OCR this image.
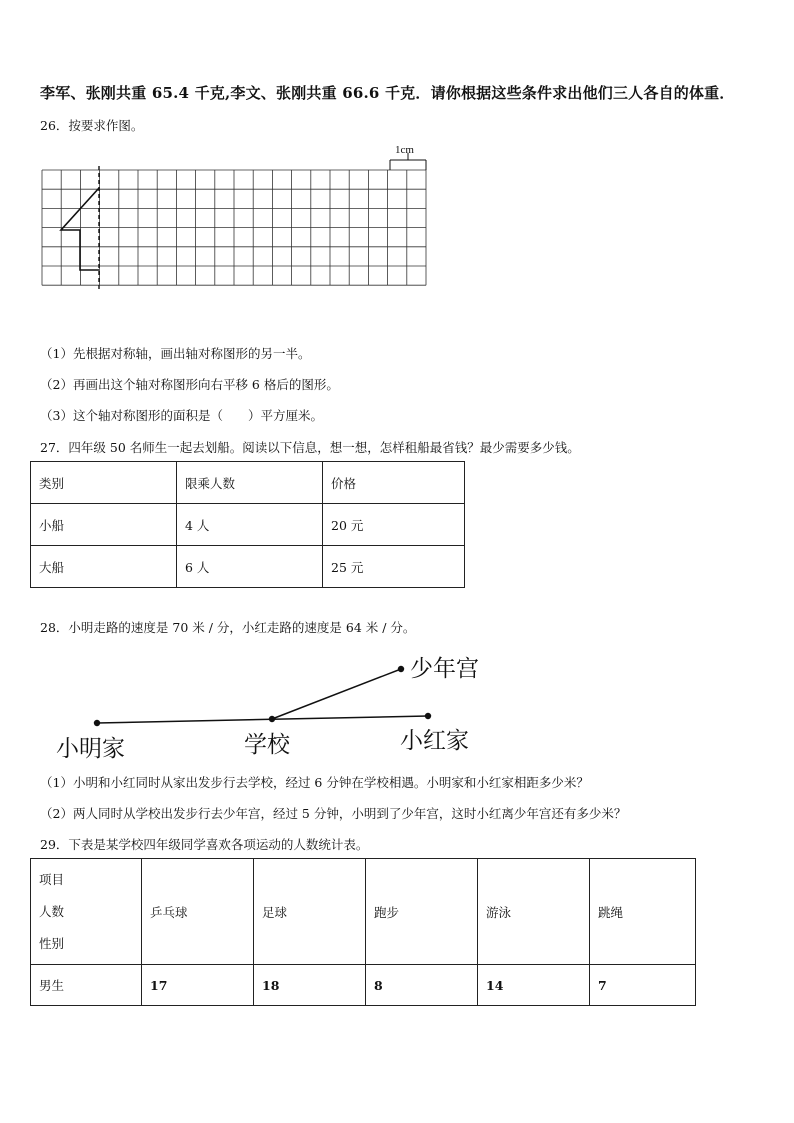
李军、张刚共重 65.4 千克,李文、张刚共重 66.6 千克．请你根据这些条件求出他们三人各自的体重．
26．按要求作图。
1cm
（1）先根据对称轴，画出轴对称图形的另一半。
（2）再画出这个轴对称图形向右平移 6 格后的图形。
（3）这个轴对称图形的面积是（　　）平方厘米。
27．四年级 50 名师生一起去划船。阅读以下信息，想一想，怎样租船最省钱？最少需要多少钱。
类别	限乘人数	价格
小船	4 人	20 元
大船	6 人	25 元
28．小明走路的速度是 70 米 / 分，小红走路的速度是 64 米 / 分。
少年宫
小明家	学校	小红家
（1）小明和小红同时从家出发步行去学校，经过 6 分钟在学校相遇。小明家和小红家相距多少米？
（2）两人同时从学校出发步行去少年宫，经过 5 分钟，小明到了少年宫，这时小红离少年宫还有多少米？
29．下表是某学校四年级同学喜欢各项运动的人数统计表。
项目
人数
性别	乒乓球	足球	跑步	游泳	跳绳
男生	17	18	8	14	7
